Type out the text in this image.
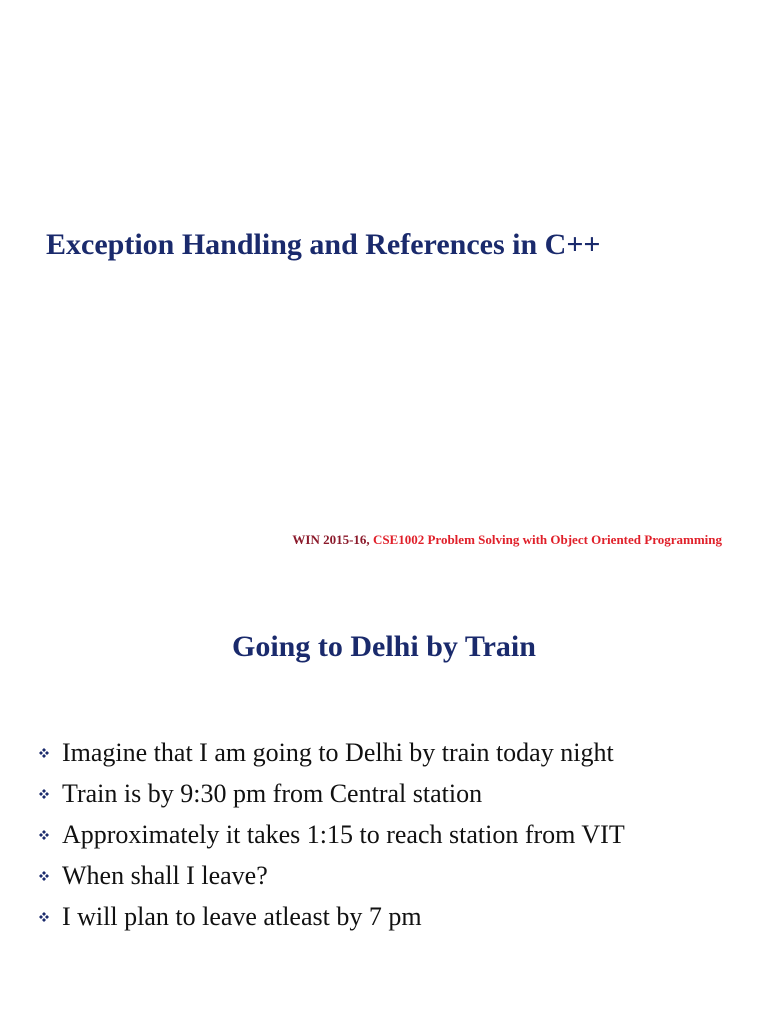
Exception Handling and References in C++
WIN 2015-16, CSE1002 Problem Solving with Object Oriented Programming
Going to Delhi by Train
Imagine that I am going to Delhi by train today night
Train is by 9:30 pm from Central station
Approximately it takes 1:15 to reach station from VIT
When shall I leave?
I will plan to leave atleast by 7 pm
